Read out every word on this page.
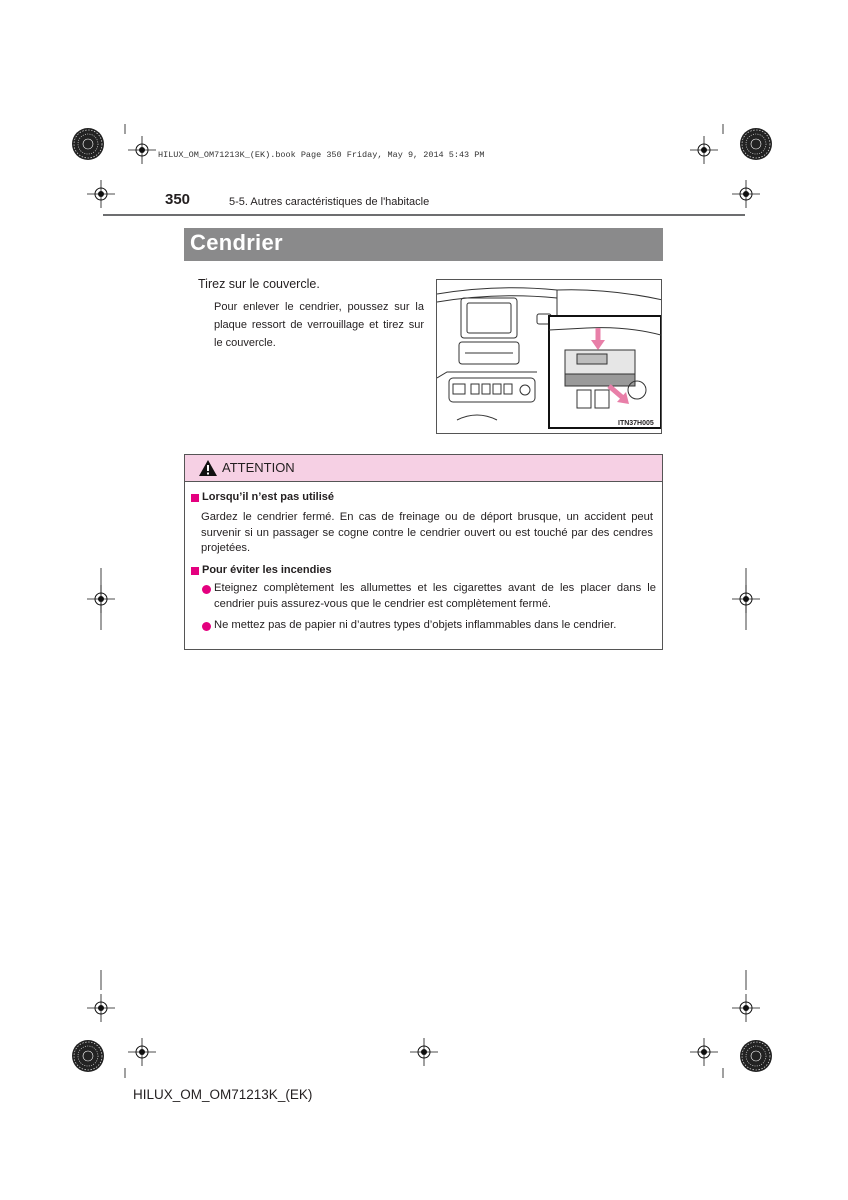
HILUX_OM_OM71213K_(EK).book Page 350 Friday, May 9, 2014 5:43 PM
350	5-5. Autres caractéristiques de l'habitacle
Cendrier
Tirez sur le couvercle.
Pour enlever le cendrier, poussez sur la plaque ressort de verrouillage et tirez sur le couvercle.
ITN37H005
ATTENTION
Lorsqu’il n’est pas utilisé
Gardez le cendrier fermé. En cas de freinage ou de déport brusque, un accident peut survenir si un passager se cogne contre le cendrier ouvert ou est touché par des cendres projetées.
Pour éviter les incendies
Eteignez complètement les allumettes et les cigarettes avant de les placer dans le cendrier puis assurez-vous que le cendrier est complètement fermé.
Ne mettez pas de papier ni d’autres types d’objets inflammables dans le cendrier.
HILUX_OM_OM71213K_(EK)
